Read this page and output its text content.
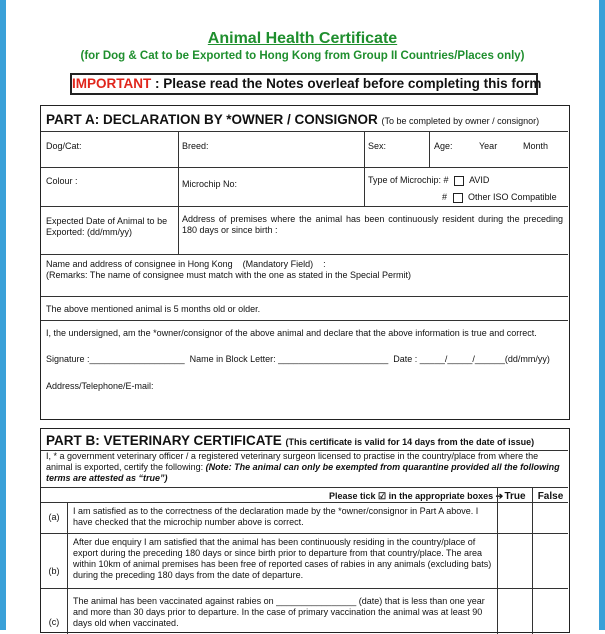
Animal Health Certificate
(for Dog & Cat to be Exported to Hong Kong from Group II Countries/Places only)
IMPORTANT : Please read the Notes overleaf before completing this form
PART A: DECLARATION BY *OWNER / CONSIGNOR (To be completed by owner / consignor)
Dog/Cat:	Breed:	Sex:	Age:	Year	Month
Colour :	Microchip No:	Type of Microchip: # AVID
# Other ISO Compatible
Expected Date of Animal to be Exported: (dd/mm/yy)
Address of premises where the animal has been continuously resident during the preceding 180 days or since birth :
Name and address of consignee in Hong Kong    (Mandatory Field)    :
(Remarks: The name of consignee must match with the one as stated in the Special Permit)
The above mentioned animal is 5 months old or older.
I, the undersigned, am the *owner/consignor of the above animal and declare that the above information is true and correct.
Signature :___________________  Name in Block Letter: ______________________  Date : _____/_____/______(dd/mm/yy)
Address/Telephone/E-mail:
PART B: VETERINARY CERTIFICATE (This certificate is valid for 14 days from the date of issue)
I, * a government veterinary officer / a registered veterinary surgeon licensed to practise in the country/place from where the animal is exported, certify the following: (Note: The animal can only be exempted from quarantine provided all the following terms are attested as “true”)
Please tick ☑ in the appropriate boxes ➔ True	False
(a)
I am satisfied as to the correctness of the declaration made by the *owner/consignor in Part A above. I have checked that the microchip number above is correct.
(b)
After due enquiry I am satisfied that the animal has been continuously residing in the country/place of export during the preceding 180 days or since birth prior to departure from that country/place. The area within 10km of animal premises has been free of reported cases of rabies in any animals (excluding bats) during the preceding 180 days from the date of departure.
(c)
The animal has been vaccinated against rabies on ________________ (date) that is less than one year and more than 30 days prior to departure. In the case of primary vaccination the animal was at least 90 days old when vaccinated.
